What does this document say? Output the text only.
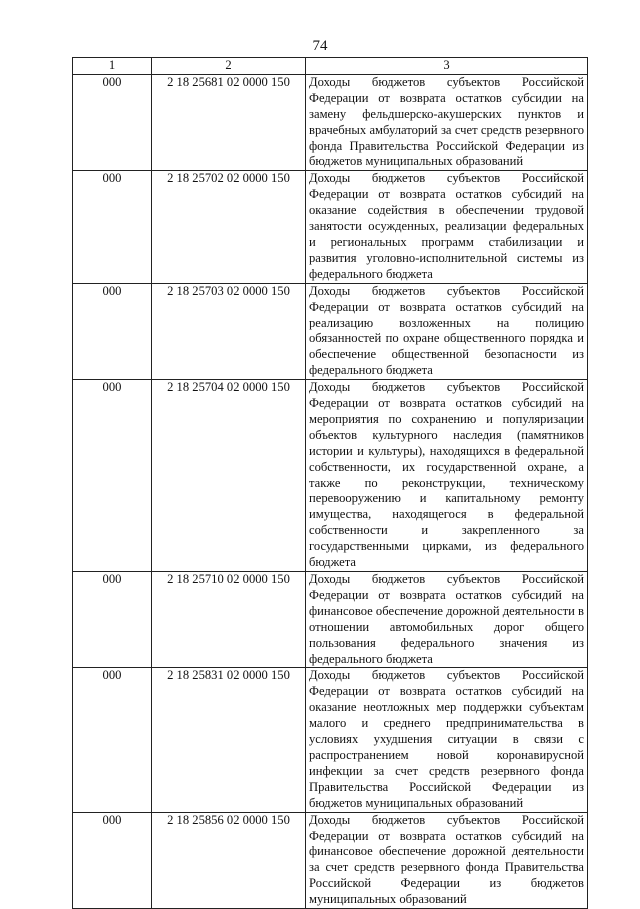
74
1	2	3
000	2 18 25681 02 0000 150	Доходы бюджетов субъектов Российской Федерации от возврата остатков субсидии на замену фельдшерско-акушерских пунктов и врачебных амбулаторий за счет средств резервного фонда Правительства Российской Федерации из бюджетов муниципальных образований

000	2 18 25702 02 0000 150	Доходы бюджетов субъектов Российской Федерации от возврата остатков субсидий на оказание содействия в обеспечении трудовой занятости осужденных, реализации федеральных и региональных программ стабилизации и развития уголовно-исполнительной системы из федерального бюджета

000	2 18 25703 02 0000 150	Доходы бюджетов субъектов Российской Федерации от возврата остатков субсидий на реализацию возложенных на полицию обязанностей по охране общественного порядка и обеспечение общественной безопасности из федерального бюджета

000	2 18 25704 02 0000 150	Доходы бюджетов субъектов Российской Федерации от возврата остатков субсидий на мероприятия по сохранению и популяризации объектов культурного наследия (памятников истории и культуры), находящихся в федеральной собственности, их государственной охране, а также по реконструкции, техническому перевооружению и капитальному ремонту имущества, находящегося в федеральной собственности и закрепленного за государственными цирками, из федерального бюджета

000	2 18 25710 02 0000 150	Доходы бюджетов субъектов Российской Федерации от возврата остатков субсидий на финансовое обеспечение дорожной деятельности в отношении автомобильных дорог общего пользования федерального значения из федерального бюджета

000	2 18 25831 02 0000 150	Доходы бюджетов субъектов Российской Федерации от возврата остатков субсидий на оказание неотложных мер поддержки субъектам малого и среднего предпринимательства в условиях ухудшения ситуации в связи с распространением новой коронавирусной инфекции за счет средств резервного фонда Правительства Российской Федерации из бюджетов муниципальных образований

000	2 18 25856 02 0000 150	Доходы бюджетов субъектов Российской Федерации от возврата остатков субсидий на финансовое обеспечение дорожной деятельности за счет средств резервного фонда Правительства Российской Федерации из бюджетов муниципальных образований
